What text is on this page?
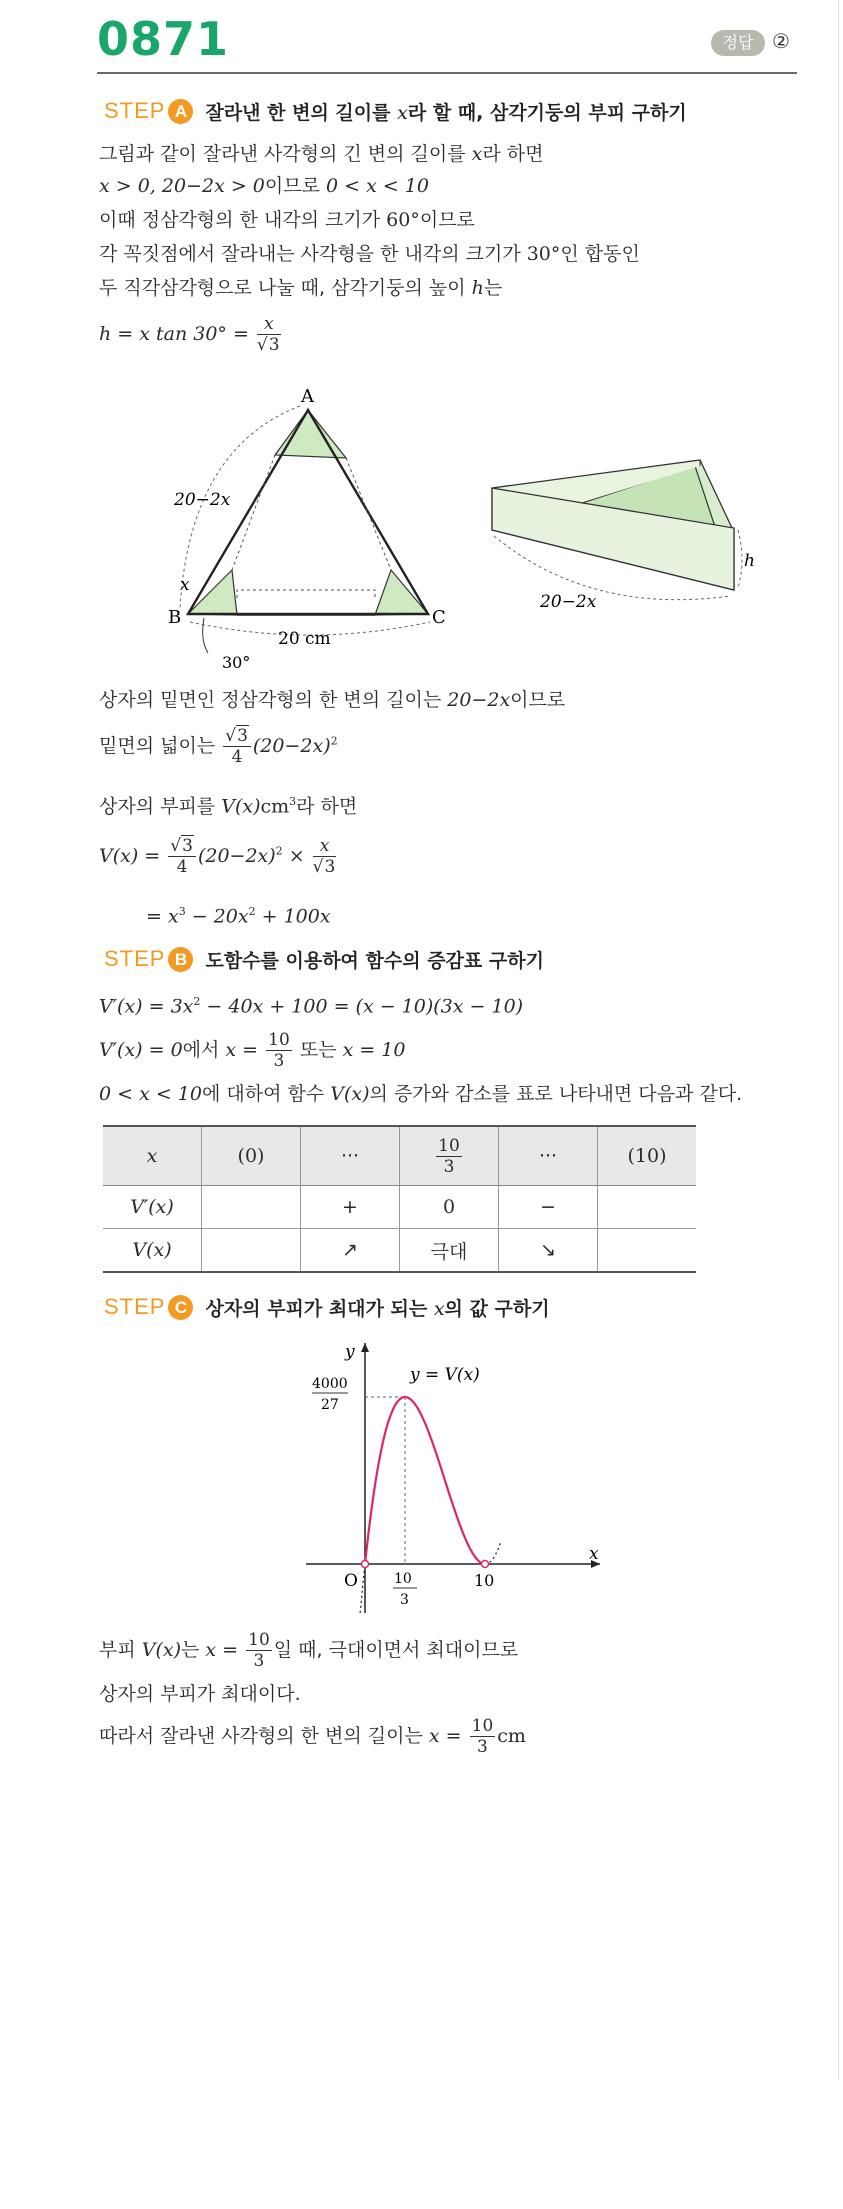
0871	정답 ②
STEP A 잘라낸 한 변의 길이를 x라 할 때, 삼각기둥의 부피 구하기
그림과 같이 잘라낸 사각형의 긴 변의 길이를 x라 하면
x > 0, 20−2x > 0이므로 0 < x < 10
이때 정삼각형의 한 내각의 크기가 60°이므로
각 꼭짓점에서 잘라내는 사각형을 한 내각의 크기가 30°인 합동인
두 직각삼각형으로 나눌 때, 삼각기둥의 높이 h는
h = x $\tan 30^\circ = \frac{x}{√3}$
A
B	C
20−2x
x
20 cm
30°
20−2x
h
상자의 밑면인 정삼각형의 한 변의 길이는 20−2x이므로
밑면의 넓이는 $\frac{√3}{4} (20-2x)^2$
상자의 부피를 $V(x)cm^3$라 하면
$V(x) = \frac{√3}{4} (20-2x)^2 \times \frac{x}{√3}$
= $x^3 - 20x^2 + 100x$
STEP B 도함수를 이용하여 함수의 증감표 구하기
$V'(x) = 3x^2 - 40x + 100 = (x - 10)(3x - 10)$
V′(x) = 0에서 $x = \frac{10}{3}$ 또는 x = 10
0 < x < 10에 대하여 함수 V(x)의 증가와 감소를 표로 나타내면 다음과 같다.
x	(0)	···	$\frac{10}{3}$	···	(10)
V′(x)		+	0	−	
V(x)		↗	극대	↘	
STEP C 상자의 부피가 최대가 되는 x의 값 구하기
y
x
O
y = V(x)
4000
27
10
3
10
부피 V(x)는 $x = \frac{10}{3}$ 일 때, 극대이면서 최대이므로
상자의 부피가 최대이다.
따라서 잘라낸 사각형의 한 변의 길이는 $x = \frac{10}{3}$ cm
